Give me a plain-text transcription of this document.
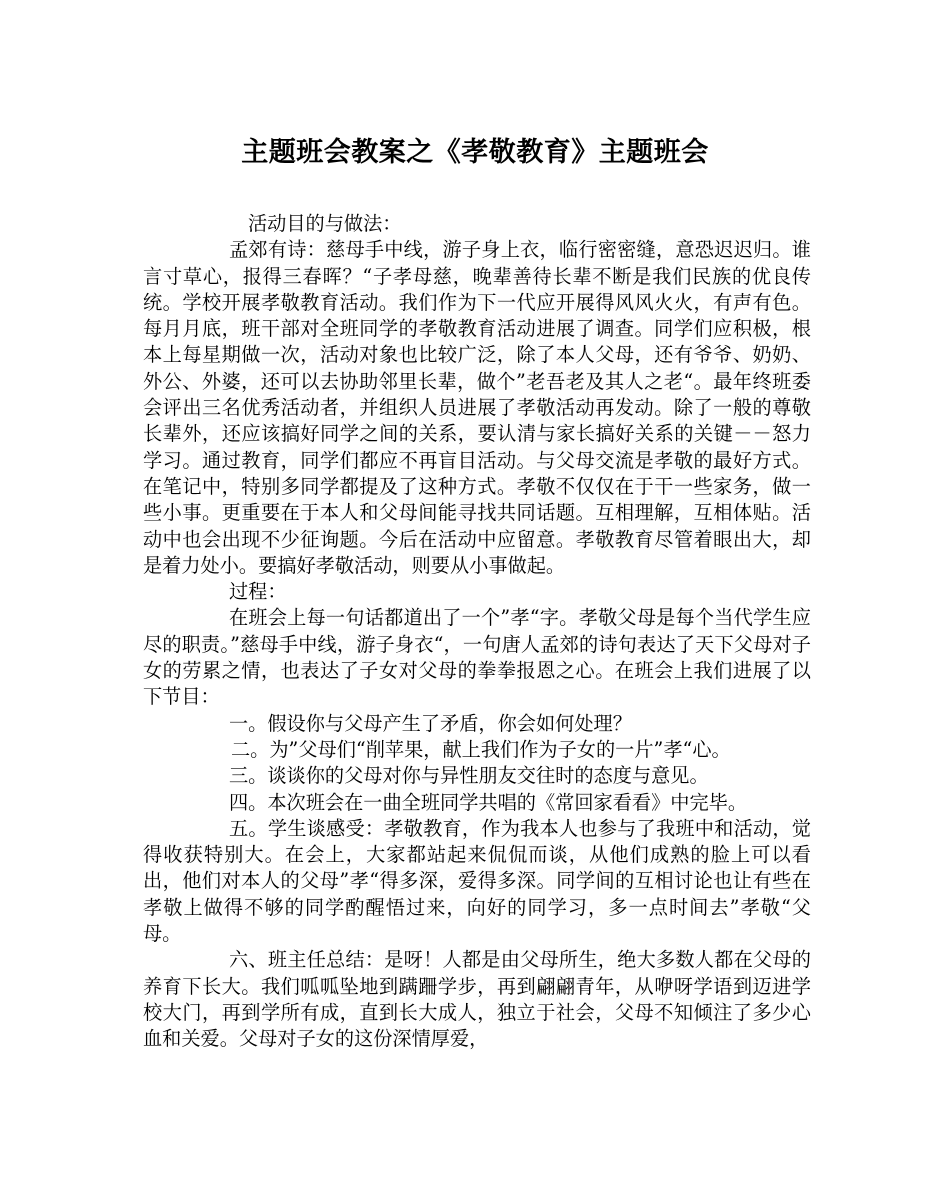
主题班会教案之《孝敬教育》主题班会

活动目的与做法：

孟郊有诗：慈母手中线，游子身上衣，临行密密缝，意恐迟迟归。谁言寸草心，报得三春晖？“子孝母慈，晚辈善待长辈不断是我们民族的优良传统。学校开展孝敬教育活动。我们作为下一代应开展得风风火火，有声有色。每月月底，班干部对全班同学的孝敬教育活动进展了调查。同学们应积极，根本上每星期做一次，活动对象也比较广泛，除了本人父母，还有爷爷、奶奶、外公、外婆，还可以去协助邻里长辈，做个”老吾老及其人之老“。最年终班委会评出三名优秀活动者，并组织人员进展了孝敬活动再发动。除了一般的尊敬长辈外，还应该搞好同学之间的关系，要认清与家长搞好关系的关键－－怒力学习。通过教育，同学们都应不再盲目活动。与父母交流是孝敬的最好方式。在笔记中，特别多同学都提及了这种方式。孝敬不仅仅在于干一些家务，做一些小事。更重要在于本人和父母间能寻找共同话题。互相理解，互相体贴。活动中也会出现不少征询题。今后在活动中应留意。孝敬教育尽管着眼出大，却是着力处小。要搞好孝敬活动，则要从小事做起。

过程：

在班会上每一句话都道出了一个”孝“字。孝敬父母是每个当代学生应尽的职责。”慈母手中线，游子身衣“，一句唐人孟郊的诗句表达了天下父母对子女的劳累之情，也表达了子女对父母的拳拳报恩之心。在班会上我们进展了以下节目：

一。假设你与父母产生了矛盾，你会如何处理？

二。为”父母们“削苹果，献上我们作为子女的一片”孝“心。

三。谈谈你的父母对你与异性朋友交往时的态度与意见。

四。本次班会在一曲全班同学共唱的《常回家看看》中完毕。

五。学生谈感受：孝敬教育，作为我本人也参与了我班中和活动，觉得收获特别大。在会上，大家都站起来侃侃而谈，从他们成熟的脸上可以看出，他们对本人的父母”孝“得多深，爱得多深。同学间的互相讨论也让有些在孝敬上做得不够的同学酌醒悟过来，向好的同学习，多一点时间去”孝敬“父母。

六、班主任总结：是呀！人都是由父母所生，绝大多数人都在父母的养育下长大。我们呱呱坠地到蹒跚学步，再到翩翩青年，从咿呀学语到迈进学校大门，再到学所有成，直到长大成人，独立于社会，父母不知倾注了多少心血和关爱。父母对子女的这份深情厚爱，
